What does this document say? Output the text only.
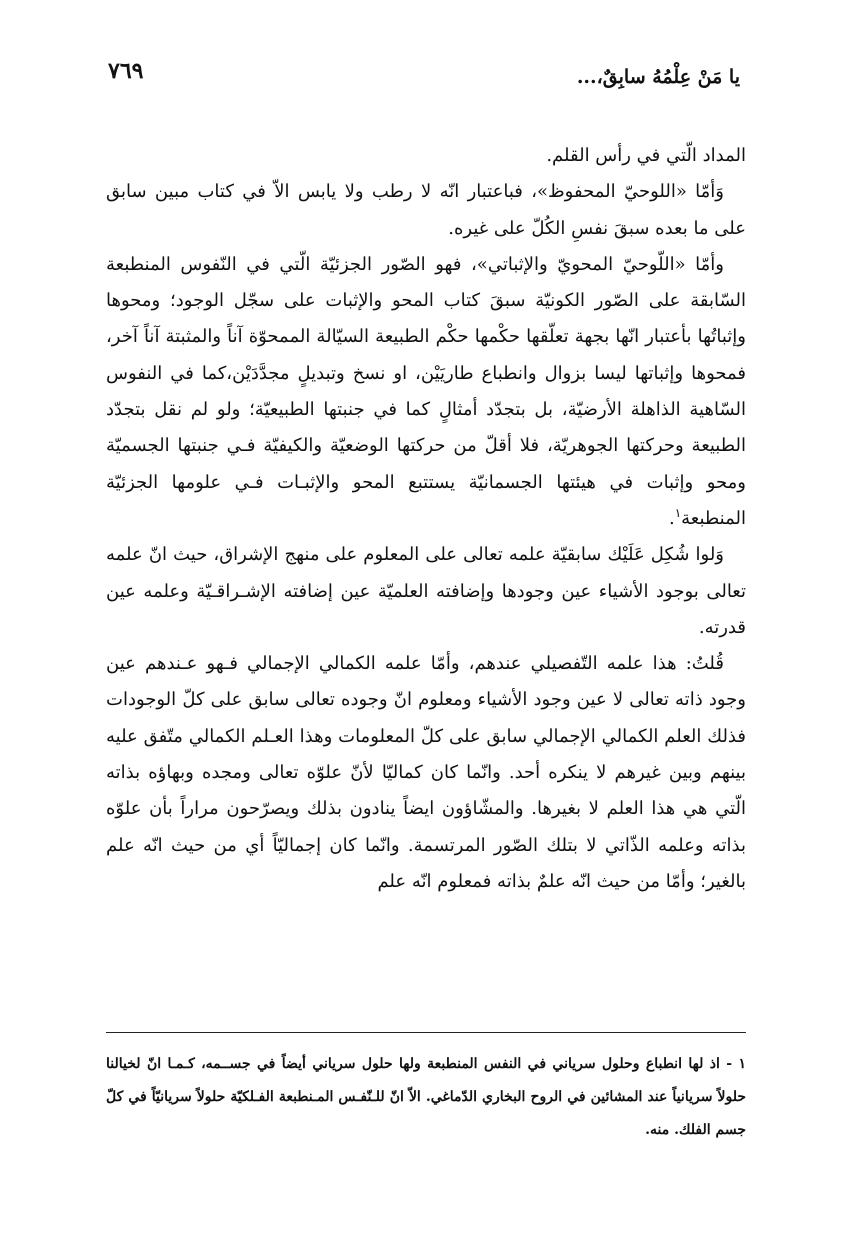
٧٦٩	يا مَنْ عِلْمُهُ سابِقٌ،...

المداد الّتي في رأس القلم.

وَأمّا «اللوحيّ المحفوظ»، فباعتبار انّه لا رطب ولا يابس الاّ في كتاب مبين سابق على ما بعده سبقَ نفسِ الكُلّ على غيره.

وأمّا «اللّوحيّ المحويّ والإثباتي»، فهو الصّور الجزئيّة الّتي في النّفوس المنطبعة السّابقة على الصّور الكونيّة سبقَ كتاب المحو والإثبات على سجّل الوجود؛ ومحوها وإثباتُها بأعتبار انّها بجهة تعلّقها حكْمها حكْم الطبيعة السيّالة الممحوّة آناً والمثبتة آناً آخر، فمحوها وإثباتها ليسا بزوال وانطباع طاريَيْن، او نسخ وتبديلٍ مجدَّدَيْن،كما في النفوس السّاهية الذاهلة الأرضيّة، بل بتجدّد أمثالٍ كما في جنبتها الطبيعيّة؛ ولو لم نقل بتجدّد الطبيعة وحركتها الجوهريّة، فلا أقلّ من حركتها الوضعيّة والكيفيّة فـي جنبتها الجسميّة ومحو وإثبات في هيئتها الجسمانيّة يستتبع المحو والإثبـات فـي علومها الجزئيّة المنطبعة$^١$.

وَلوا شُكِل عَلَيْك سابقيّة علمه تعالى على المعلوم على منهج الإشراق، حيث انّ علمه تعالى بوجود الأشياء عين وجودها وإضافته العلميّة عين إضافته الإشـراقـيّة وعلمه عين قدرته.

قُلتُ: هذا علمه التّفصيلي عندهم، وأمّا علمه الكمالي الإجمالي فـهو عـندهم عين وجود ذاته تعالى لا عين وجود الأشياء ومعلوم انّ وجوده تعالى سابق على كلّ الوجودات فذلك العلم الكمالي الإجمالي سابق على كلّ المعلومات وهذا العـلم الكمالي متّفق عليه بينهم وبين غيرهم لا ينكره أحد. وانّما كان كماليّا لأنّ علوّه تعالى ومجده وبهاؤه بذاته الّتي هي هذا العلم لا بغيرها. والمشّاؤون ايضاً ينادون بذلك ويصرّحون مراراً بأن علوّه بذاته وعلمه الذّاتي لا بتلك الصّور المرتسمة. وانّما كان إجماليّاً أي من حيث انّه علم بالغير؛ وأمّا من حيث انّه علمٌ بذاته فمعلوم انّه علم

١ - اذ لها انطباع وحلول سرياني في النفس المنطبعة ولها حلول سرياني أيضاً في جســمه، كـمـا انّ لخيالنا حلولاً سريانياً عند المشائين في الروح البخاري الدّماغي. الاّ انّ للـنّفـس المـنطبعة الفـلكيّة حلولاً سريانيّاً في كلّ جسم الفلك. منه.
